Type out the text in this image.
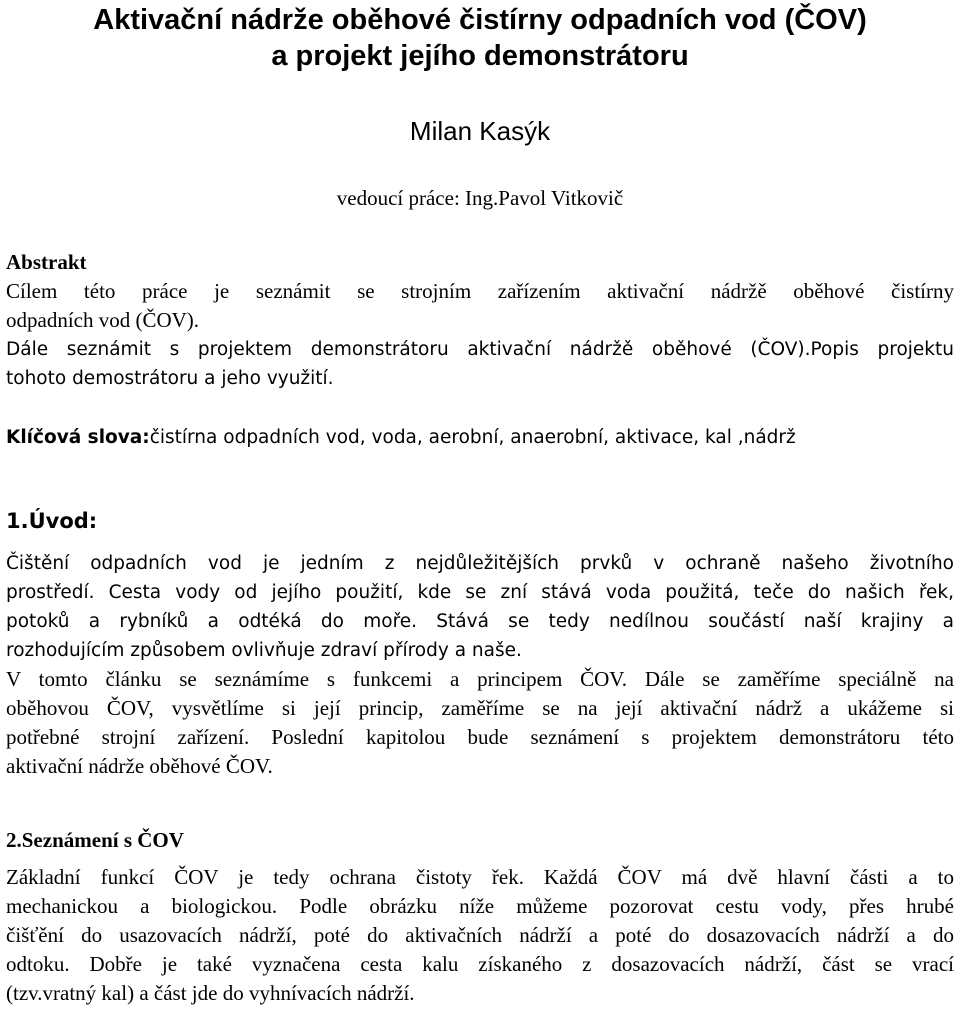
Aktivační nádrže oběhové čistírny odpadních vod (ČOV)
a projekt jejího demonstrátoru
Milan Kasýk
vedoucí práce: Ing.Pavol Vitkovič
Abstrakt
Cílem této práce je seznámit se strojním zařízením aktivační nádržě oběhové čistírny
odpadních vod (ČOV).
Dále seznámit s projektem demonstrátoru aktivační nádržě oběhové (ČOV).Popis projektu
tohoto demostrátoru a jeho využití.
Klíčová slova:čistírna odpadních vod, voda, aerobní, anaerobní, aktivace, kal ,nádrž
1.Úvod:
Čištění odpadních vod je jedním z nejdůležitějších prvků v ochraně našeho životního
prostředí. Cesta vody od jejího použití, kde se zní stává voda použitá, teče do našich řek,
potoků a rybníků a odtéká do moře. Stává se tedy nedílnou součástí naší krajiny a
rozhodujícím způsobem ovlivňuje zdraví přírody a naše.
V tomto článku se seznámíme s funkcemi a principem ČOV. Dále se zaměříme speciálně na
oběhovou ČOV, vysvětlíme si její princip, zaměříme se na její aktivační nádrž a ukážeme si
potřebné strojní zařízení. Poslední kapitolou bude seznámení s projektem demonstrátoru této
aktivační nádrže oběhové ČOV.
2.Seznámení s ČOV
Základní funkcí ČOV je tedy ochrana čistoty řek. Každá ČOV má dvě hlavní části a to
mechanickou a biologickou. Podle obrázku níže můžeme pozorovat cestu vody, přes hrubé
čišťění do usazovacích nádrží, poté do aktivačních nádrží a poté do dosazovacích nádrží a do
odtoku. Dobře je také vyznačena cesta kalu získaného z dosazovacích nádrží, část se vrací
(tzv.vratný kal) a část jde do vyhnívacích nádrží.
